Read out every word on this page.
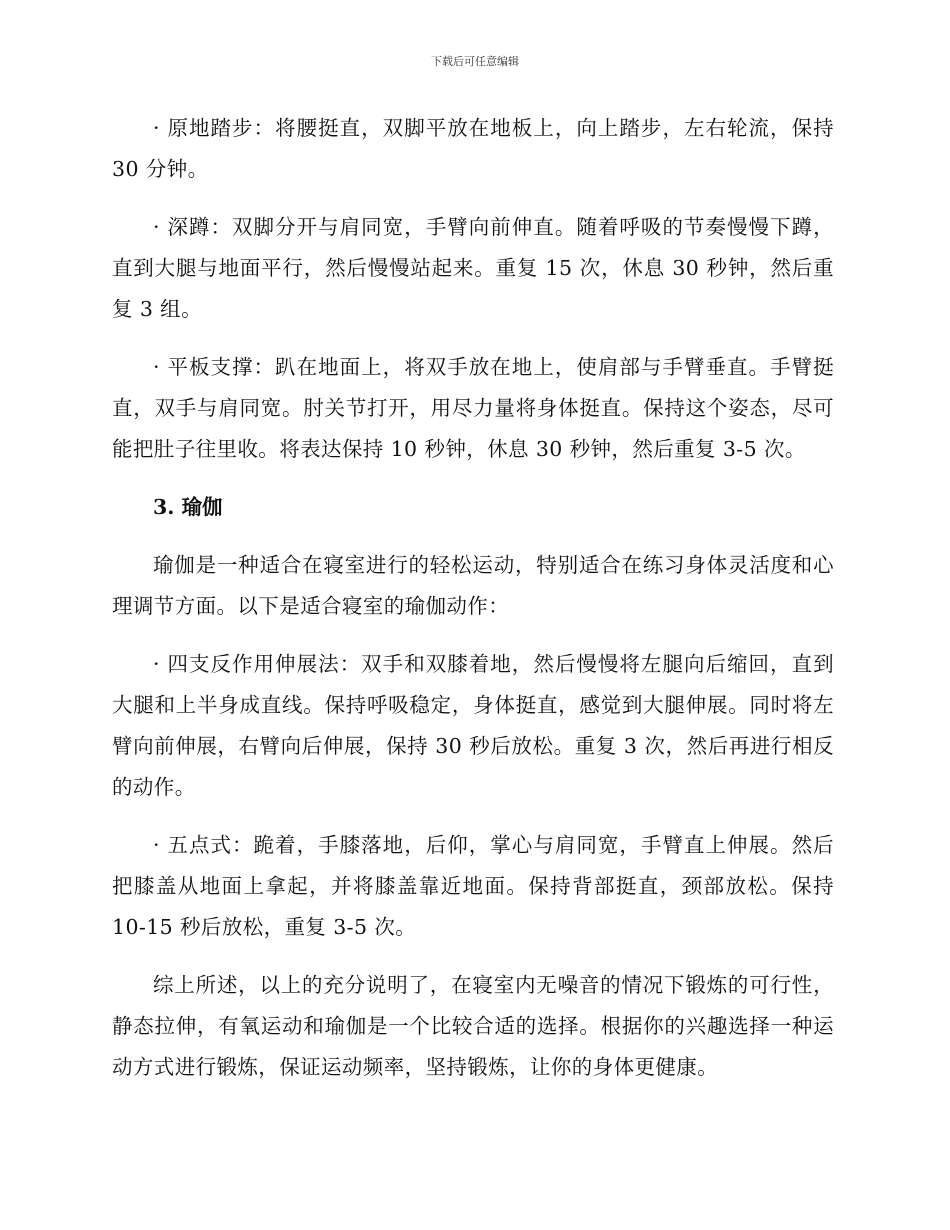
下载后可任意编辑

· 原地踏步：将腰挺直，双脚平放在地板上，向上踏步，左右轮流，保持 30 分钟。

· 深蹲：双脚分开与肩同宽，手臂向前伸直。随着呼吸的节奏慢慢下蹲，直到大腿与地面平行，然后慢慢站起来。重复 15 次，休息 30 秒钟，然后重复 3 组。

· 平板支撑：趴在地面上，将双手放在地上，使肩部与手臂垂直。手臂挺直，双手与肩同宽。肘关节打开，用尽力量将身体挺直。保持这个姿态，尽可能把肚子往里收。将表达保持 10 秒钟，休息 30 秒钟，然后重复 3-5 次。

3. 瑜伽

瑜伽是一种适合在寝室进行的轻松运动，特别适合在练习身体灵活度和心理调节方面。以下是适合寝室的瑜伽动作：

· 四支反作用伸展法：双手和双膝着地，然后慢慢将左腿向后缩回，直到大腿和上半身成直线。保持呼吸稳定，身体挺直，感觉到大腿伸展。同时将左臂向前伸展，右臂向后伸展，保持 30 秒后放松。重复 3 次，然后再进行相反的动作。

· 五点式：跪着，手膝落地，后仰，掌心与肩同宽，手臂直上伸展。然后把膝盖从地面上拿起，并将膝盖靠近地面。保持背部挺直，颈部放松。保持 10-15 秒后放松，重复 3-5 次。

综上所述，以上的充分说明了，在寝室内无噪音的情况下锻炼的可行性，静态拉伸，有氧运动和瑜伽是一个比较合适的选择。根据你的兴趣选择一种运动方式进行锻炼，保证运动频率，坚持锻炼，让你的身体更健康。
